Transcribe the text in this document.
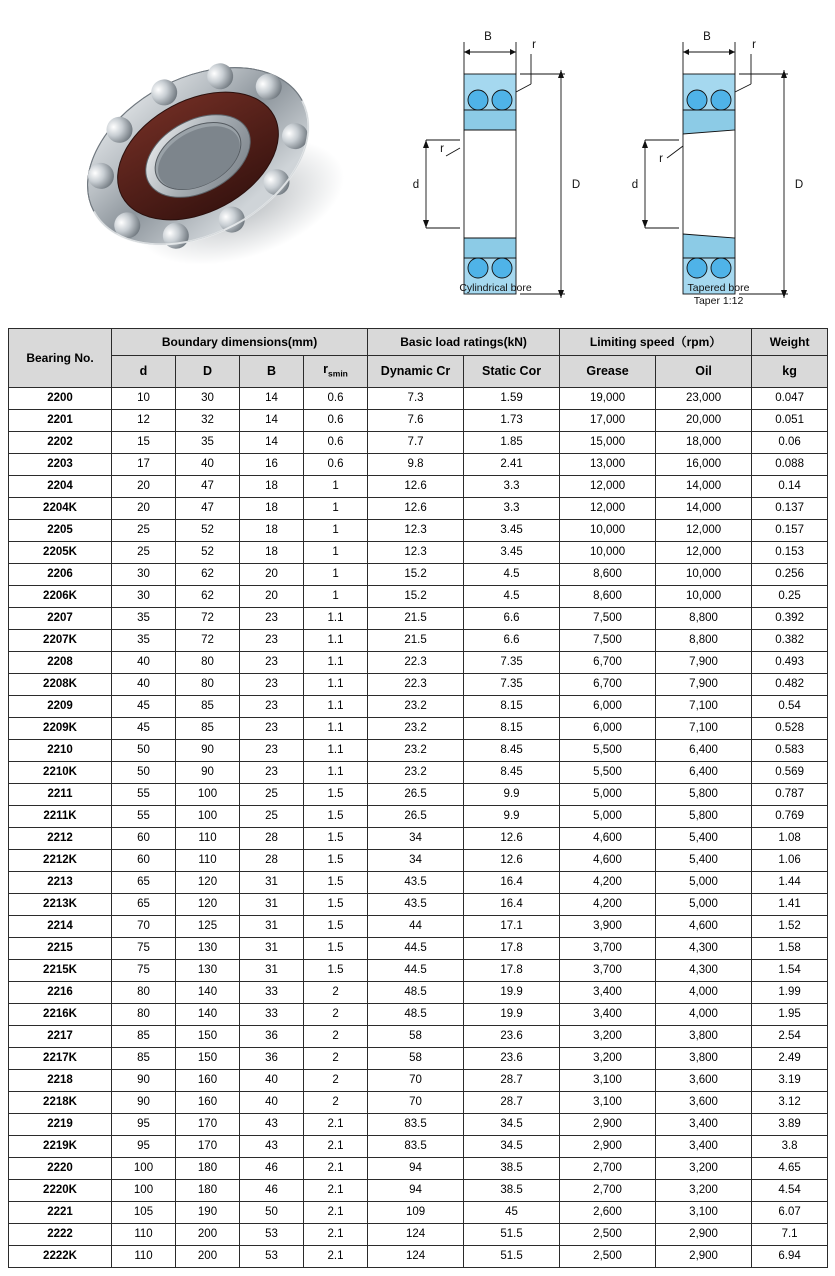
B
r
r
d	D
Cylindrical bore
B
r
r
d	D
Tapered bore
Taper 1:12
Bearing No.	Boundary dimensions(mm)				Basic load ratings(kN)		Limiting speed（rpm）		Weight
	d	D	B	$r_{smin}$	Dynamic Cr	Static Cor	Grease	Oil	kg
2200	10	30	14	0.6	7.3	1.59	19,000	23,000	0.047
2201	12	32	14	0.6	7.6	1.73	17,000	20,000	0.051
2202	15	35	14	0.6	7.7	1.85	15,000	18,000	0.06
2203	17	40	16	0.6	9.8	2.41	13,000	16,000	0.088
2204	20	47	18	1	12.6	3.3	12,000	14,000	0.14
2204K	20	47	18	1	12.6	3.3	12,000	14,000	0.137
2205	25	52	18	1	12.3	3.45	10,000	12,000	0.157
2205K	25	52	18	1	12.3	3.45	10,000	12,000	0.153
2206	30	62	20	1	15.2	4.5	8,600	10,000	0.256
2206K	30	62	20	1	15.2	4.5	8,600	10,000	0.25
2207	35	72	23	1.1	21.5	6.6	7,500	8,800	0.392
2207K	35	72	23	1.1	21.5	6.6	7,500	8,800	0.382
2208	40	80	23	1.1	22.3	7.35	6,700	7,900	0.493
2208K	40	80	23	1.1	22.3	7.35	6,700	7,900	0.482
2209	45	85	23	1.1	23.2	8.15	6,000	7,100	0.54
2209K	45	85	23	1.1	23.2	8.15	6,000	7,100	0.528
2210	50	90	23	1.1	23.2	8.45	5,500	6,400	0.583
2210K	50	90	23	1.1	23.2	8.45	5,500	6,400	0.569
2211	55	100	25	1.5	26.5	9.9	5,000	5,800	0.787
2211K	55	100	25	1.5	26.5	9.9	5,000	5,800	0.769
2212	60	110	28	1.5	34	12.6	4,600	5,400	1.08
2212K	60	110	28	1.5	34	12.6	4,600	5,400	1.06
2213	65	120	31	1.5	43.5	16.4	4,200	5,000	1.44
2213K	65	120	31	1.5	43.5	16.4	4,200	5,000	1.41
2214	70	125	31	1.5	44	17.1	3,900	4,600	1.52
2215	75	130	31	1.5	44.5	17.8	3,700	4,300	1.58
2215K	75	130	31	1.5	44.5	17.8	3,700	4,300	1.54
2216	80	140	33	2	48.5	19.9	3,400	4,000	1.99
2216K	80	140	33	2	48.5	19.9	3,400	4,000	1.95
2217	85	150	36	2	58	23.6	3,200	3,800	2.54
2217K	85	150	36	2	58	23.6	3,200	3,800	2.49
2218	90	160	40	2	70	28.7	3,100	3,600	3.19
2218K	90	160	40	2	70	28.7	3,100	3,600	3.12
2219	95	170	43	2.1	83.5	34.5	2,900	3,400	3.89
2219K	95	170	43	2.1	83.5	34.5	2,900	3,400	3.8
2220	100	180	46	2.1	94	38.5	2,700	3,200	4.65
2220K	100	180	46	2.1	94	38.5	2,700	3,200	4.54
2221	105	190	50	2.1	109	45	2,600	3,100	6.07
2222	110	200	53	2.1	124	51.5	2,500	2,900	7.1
2222K	110	200	53	2.1	124	51.5	2,500	2,900	6.94
